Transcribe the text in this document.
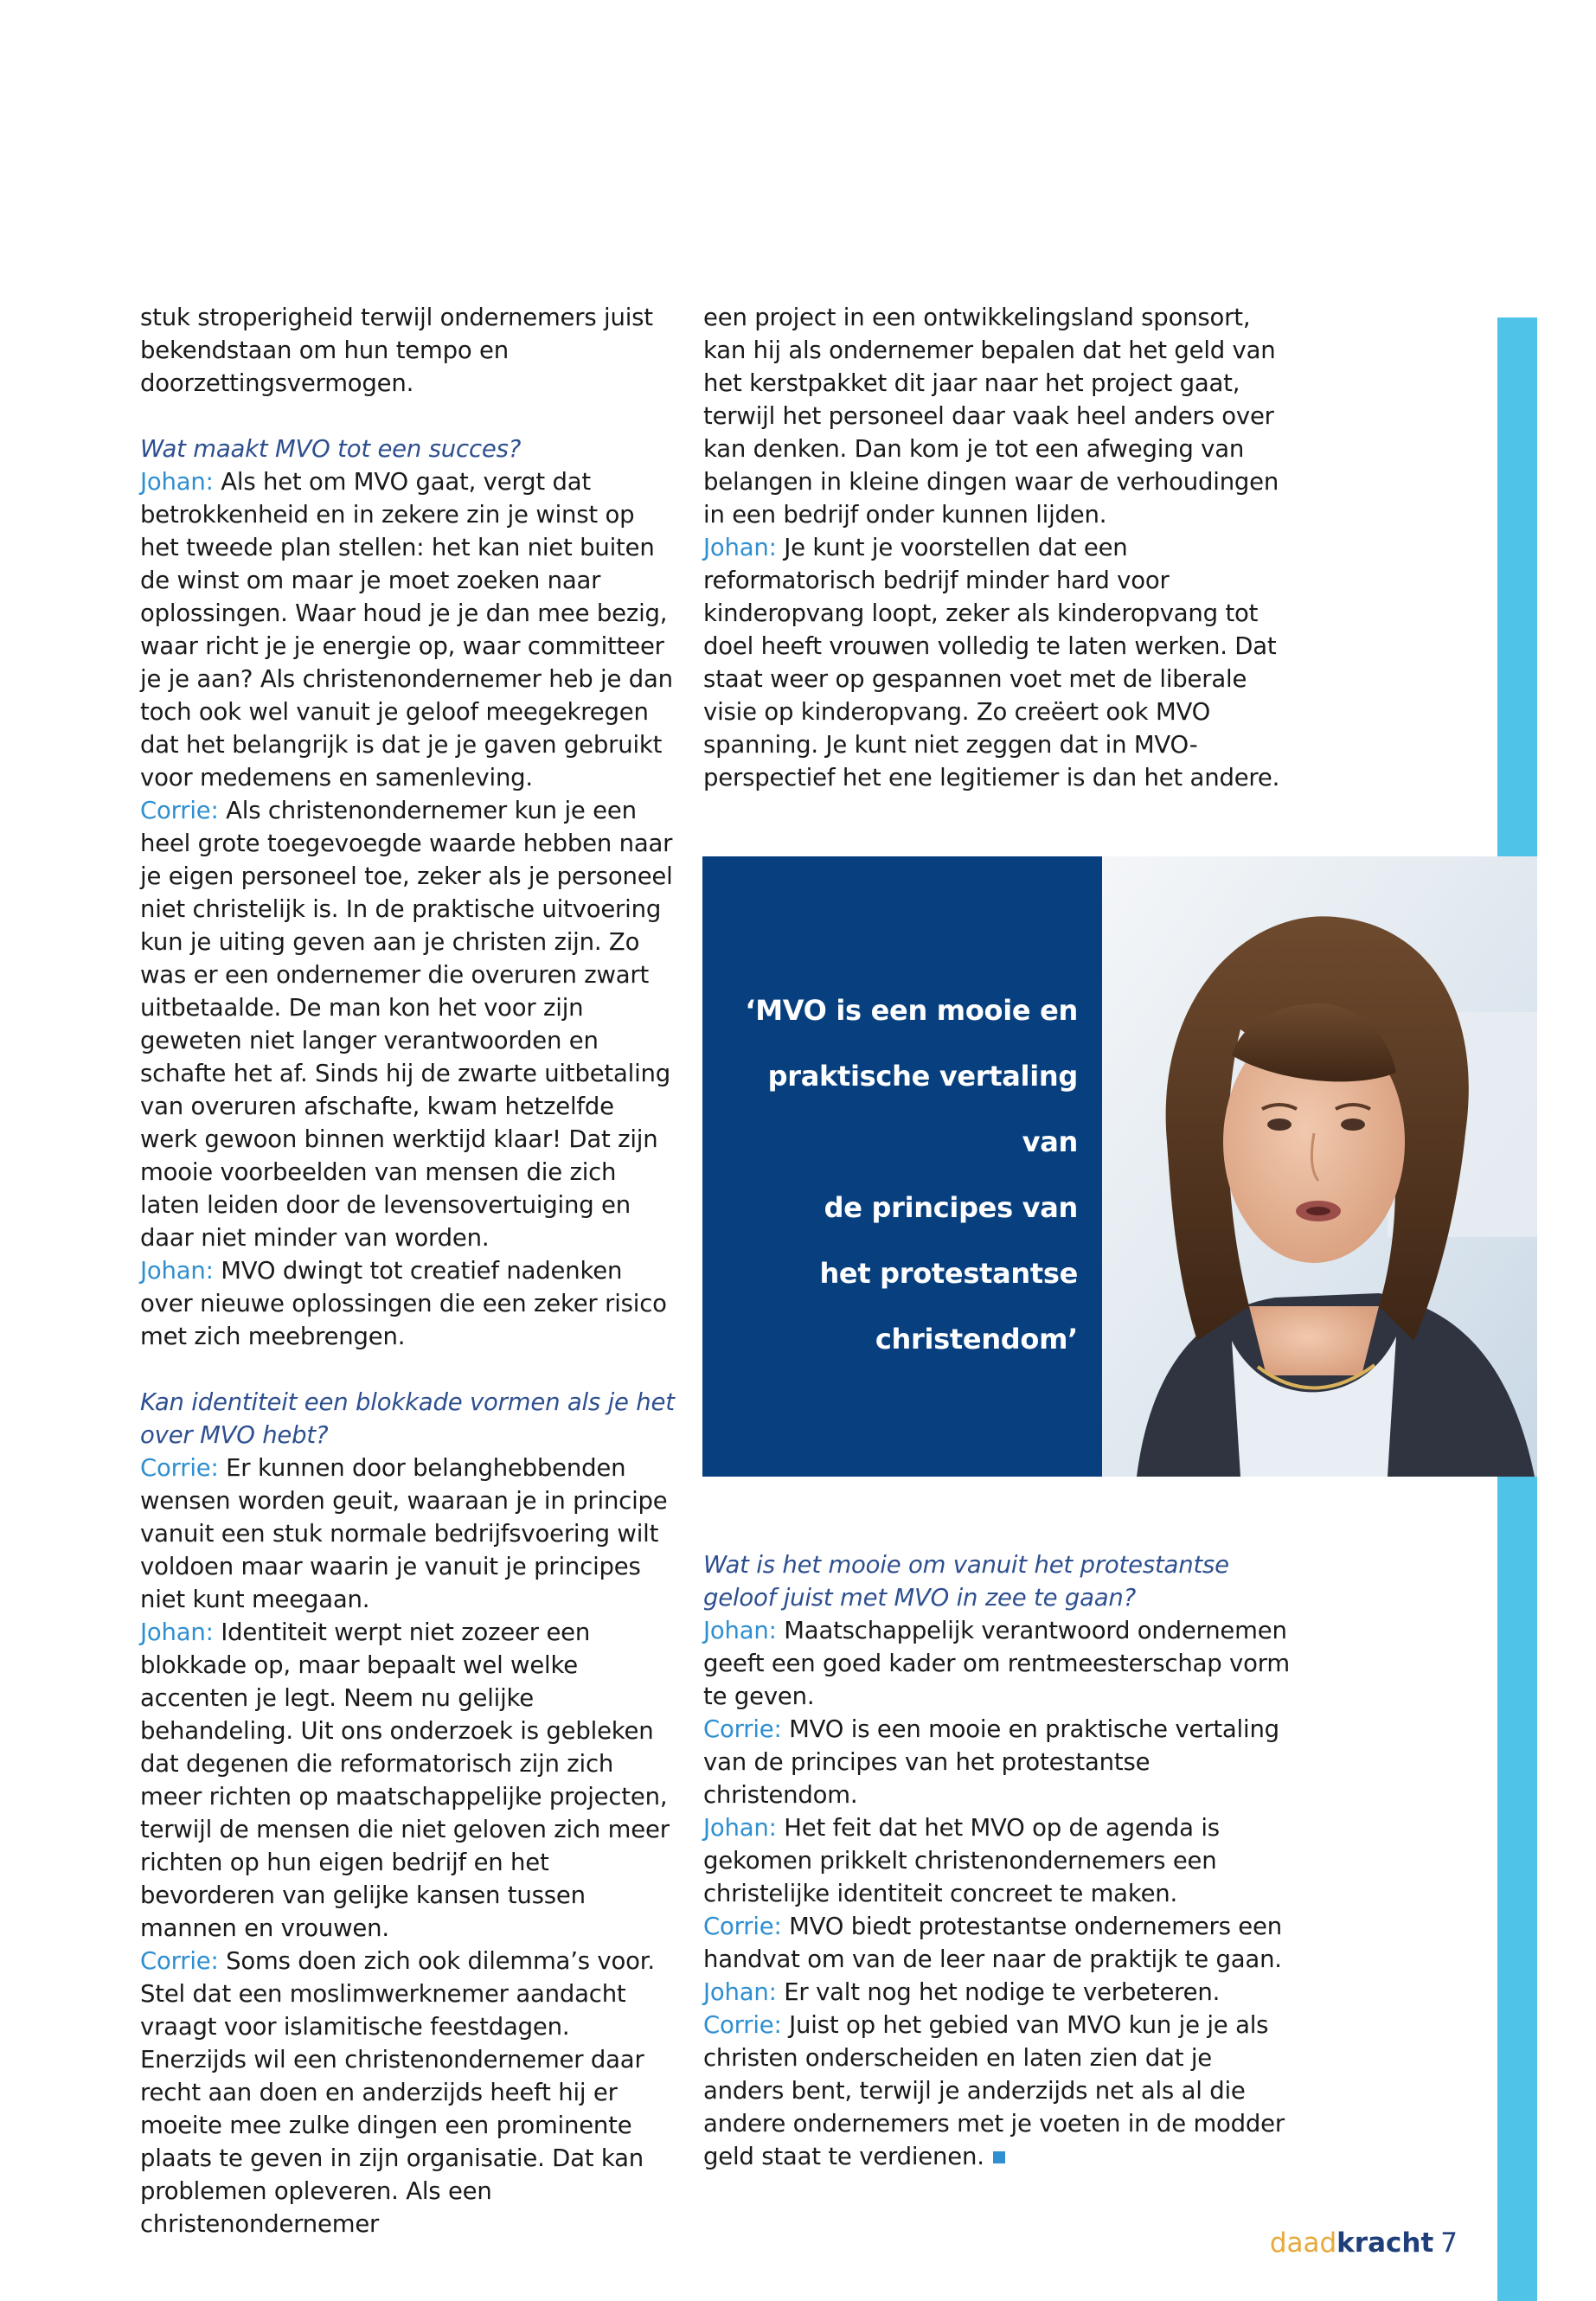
stuk stroperigheid terwijl ondernemers juist bekendstaan om hun tempo en doorzettingsvermogen.

Wat maakt MVO tot een succes?

Johan: Als het om MVO gaat, vergt dat betrokkenheid en in zekere zin je winst op het tweede plan stellen: het kan niet buiten de winst om maar je moet zoeken naar oplossingen. Waar houd je je dan mee bezig, waar richt je je energie op, waar committeer je je aan? Als christenondernemer heb je dan toch ook wel vanuit je geloof meegekregen dat het belangrijk is dat je je gaven gebruikt voor medemens en samenleving.

Corrie: Als christenondernemer kun je een heel grote toegevoegde waarde hebben naar je eigen personeel toe, zeker als je personeel niet christelijk is. In de praktische uitvoering kun je uiting geven aan je christen zijn. Zo was er een ondernemer die overuren zwart uitbetaalde. De man kon het voor zijn geweten niet langer verantwoorden en schafte het af. Sinds hij de zwarte uitbetaling van overuren afschafte, kwam hetzelfde werk gewoon binnen werktijd klaar! Dat zijn mooie voorbeelden van mensen die zich laten leiden door de levensovertuiging en daar niet minder van worden.

Johan: MVO dwingt tot creatief nadenken over nieuwe oplossingen die een zeker risico met zich meebrengen.

Kan identiteit een blokkade vormen als je het over MVO hebt?

Corrie: Er kunnen door belanghebbenden wensen worden geuit, waaraan je in principe vanuit een stuk normale bedrijfsvoering wilt voldoen maar waarin je vanuit je principes niet kunt meegaan.

Johan: Identiteit werpt niet zozeer een blokkade op, maar bepaalt wel welke accenten je legt. Neem nu gelijke behandeling. Uit ons onderzoek is gebleken dat degenen die reformatorisch zijn zich meer richten op maatschappelijke projecten, terwijl de mensen die niet geloven zich meer richten op hun eigen bedrijf en het bevorderen van gelijke kansen tussen mannen en vrouwen.

Corrie: Soms doen zich ook dilemma’s voor. Stel dat een moslimwerknemer aandacht vraagt voor islamitische feestdagen. Enerzijds wil een christenondernemer daar recht aan doen en anderzijds heeft hij er moeite mee zulke dingen een prominente plaats te geven in zijn organisatie. Dat kan problemen opleveren. Als een christenondernemer

een project in een ontwikkelingsland sponsort, kan hij als ondernemer bepalen dat het geld van het kerstpakket dit jaar naar het project gaat, terwijl het personeel daar vaak heel anders over kan denken. Dan kom je tot een afweging van belangen in kleine dingen waar de verhoudingen in een bedrijf onder kunnen lijden.

Johan: Je kunt je voorstellen dat een reformatorisch bedrijf minder hard voor kinderopvang loopt, zeker als kinderopvang tot doel heeft vrouwen volledig te laten werken. Dat staat weer op gespannen voet met de liberale visie op kinderopvang. Zo creëert ook MVO spanning. Je kunt niet zeggen dat in MVO-perspectief het ene legitiemer is dan het andere.

Wat is het mooie om vanuit het protestantse geloof juist met MVO in zee te gaan?

Johan: Maatschappelijk verantwoord ondernemen geeft een goed kader om rentmeesterschap vorm te geven.

Corrie: MVO is een mooie en praktische vertaling van de principes van het protestantse christendom.

Johan: Het feit dat het MVO op de agenda is gekomen prikkelt christenondernemers een christelijke identiteit concreet te maken.

Corrie: MVO biedt protestantse ondernemers een handvat om van de leer naar de praktijk te gaan.

Johan: Er valt nog het nodige te verbeteren.

Corrie: Juist op het gebied van MVO kun je je als christen onderscheiden en laten zien dat je anders bent, terwijl je anderzijds net als al die andere ondernemers met je voeten in de modder geld staat te verdienen.

‘MVO is een mooie en
praktische vertaling van
de principes van
het protestantse
christendom’
daadkracht 7
